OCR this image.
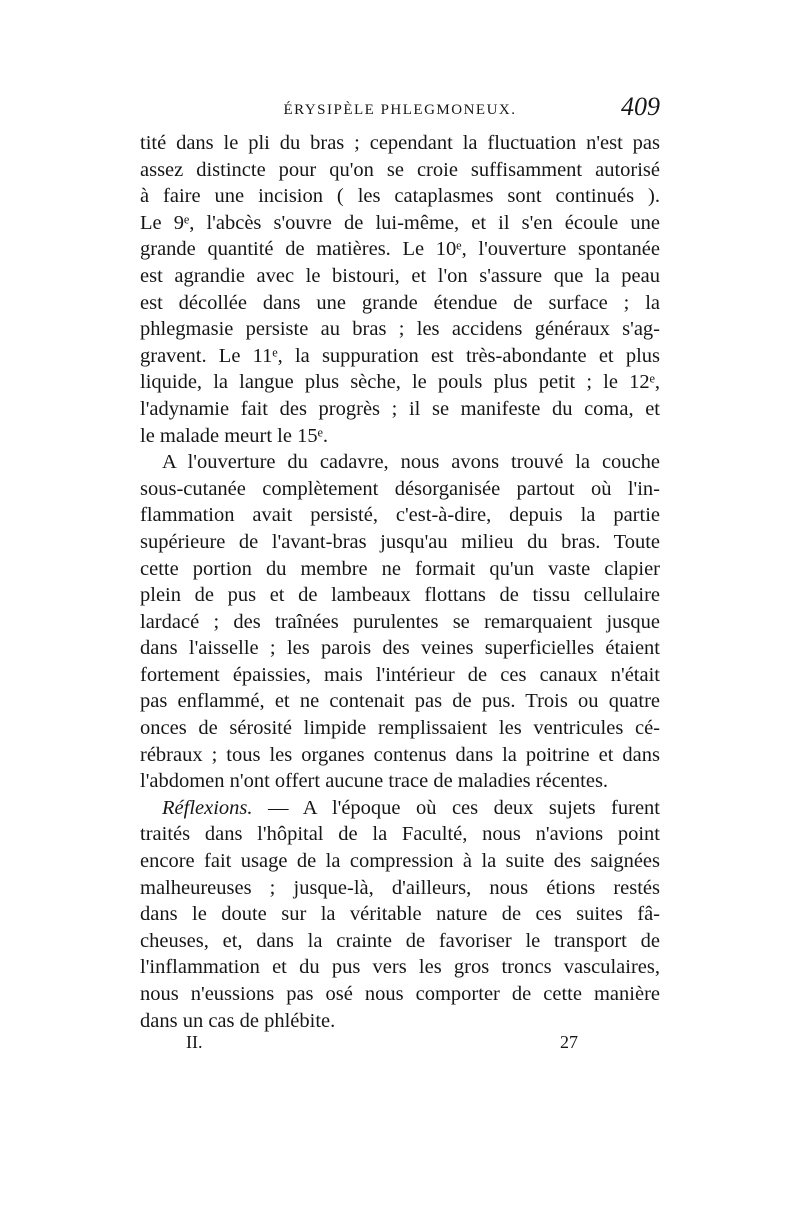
ÉRYSIPÈLE PHLEGMONEUX.	409
tité dans le pli du bras ; cependant la fluctuation n'est pas
assez distincte pour qu'on se croie suffisamment autorisé
à faire une incision ( les cataplasmes sont continués ).
Le 9ᵉ, l'abcès s'ouvre de lui-même, et il s'en écoule une
grande quantité de matières. Le 10ᵉ, l'ouverture spontanée
est agrandie avec le bistouri, et l'on s'assure que la peau
est décollée dans une grande étendue de surface ; la
phlegmasie persiste au bras ; les accidens généraux s'ag-
gravent. Le 11ᵉ, la suppuration est très-abondante et plus
liquide, la langue plus sèche, le pouls plus petit ; le 12ᵉ,
l'adynamie fait des progrès ; il se manifeste du coma, et
le malade meurt le 15ᵉ.
A l'ouverture du cadavre, nous avons trouvé la couche
sous-cutanée complètement désorganisée partout où l'in-
flammation avait persisté, c'est-à-dire, depuis la partie
supérieure de l'avant-bras jusqu'au milieu du bras. Toute
cette portion du membre ne formait qu'un vaste clapier
plein de pus et de lambeaux flottans de tissu cellulaire
lardacé ; des traînées purulentes se remarquaient jusque
dans l'aisselle ; les parois des veines superficielles étaient
fortement épaissies, mais l'intérieur de ces canaux n'était
pas enflammé, et ne contenait pas de pus. Trois ou quatre
onces de sérosité limpide remplissaient les ventricules cé-
rébraux ; tous les organes contenus dans la poitrine et dans
l'abdomen n'ont offert aucune trace de maladies récentes.
Réflexions. — A l'époque où ces deux sujets furent
traités dans l'hôpital de la Faculté, nous n'avions point
encore fait usage de la compression à la suite des saignées
malheureuses ; jusque-là, d'ailleurs, nous étions restés
dans le doute sur la véritable nature de ces suites fâ-
cheuses, et, dans la crainte de favoriser le transport de
l'inflammation et du pus vers les gros troncs vasculaires,
nous n'eussions pas osé nous comporter de cette manière
dans un cas de phlébite.
II.	27
